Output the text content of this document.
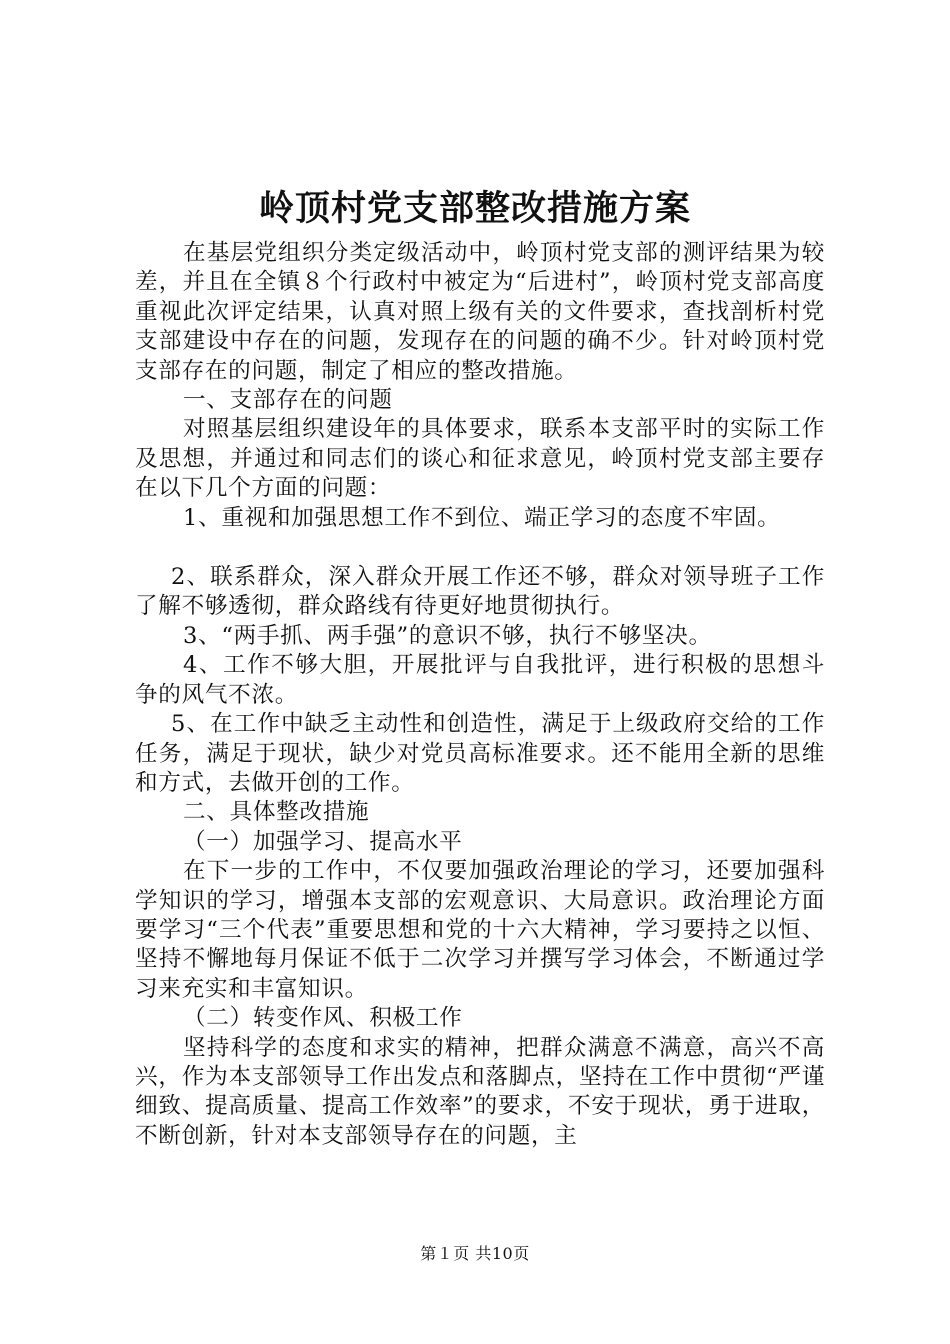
岭顶村党支部整改措施方案

在基层党组织分类定级活动中，岭顶村党支部的测评结果为较差，并且在全镇８个行政村中被定为“后进村”，岭顶村党支部高度重视此次评定结果，认真对照上级有关的文件要求，查找剖析村党支部建设中存在的问题，发现存在的问题的确不少。针对岭顶村党支部存在的问题，制定了相应的整改措施。

一、支部存在的问题

对照基层组织建设年的具体要求，联系本支部平时的实际工作及思想，并通过和同志们的谈心和征求意见，岭顶村党支部主要存在以下几个方面的问题：

1、重视和加强思想工作不到位、端正学习的态度不牢固。

2、联系群众，深入群众开展工作还不够，群众对领导班子工作了解不够透彻，群众路线有待更好地贯彻执行。

3、“两手抓、两手强”的意识不够，执行不够坚决。

4、工作不够大胆，开展批评与自我批评，进行积极的思想斗争的风气不浓。

5、在工作中缺乏主动性和创造性，满足于上级政府交给的工作任务，满足于现状，缺少对党员高标准要求。还不能用全新的思维和方式，去做开创的工作。

二、具体整改措施

（一）加强学习、提高水平

在下一步的工作中，不仅要加强政治理论的学习，还要加强科学知识的学习，增强本支部的宏观意识、大局意识。政治理论方面要学习“三个代表”重要思想和党的十六大精神，学习要持之以恒、坚持不懈地每月保证不低于二次学习并撰写学习体会，不断通过学习来充实和丰富知识。

（二）转变作风、积极工作

坚持科学的态度和求实的精神，把群众满意不满意，高兴不高兴，作为本支部领导工作出发点和落脚点，坚持在工作中贯彻“严谨细致、提高质量、提高工作效率”的要求，不安于现状，勇于进取，不断创新，针对本支部领导存在的问题，主

第１页 共10页
